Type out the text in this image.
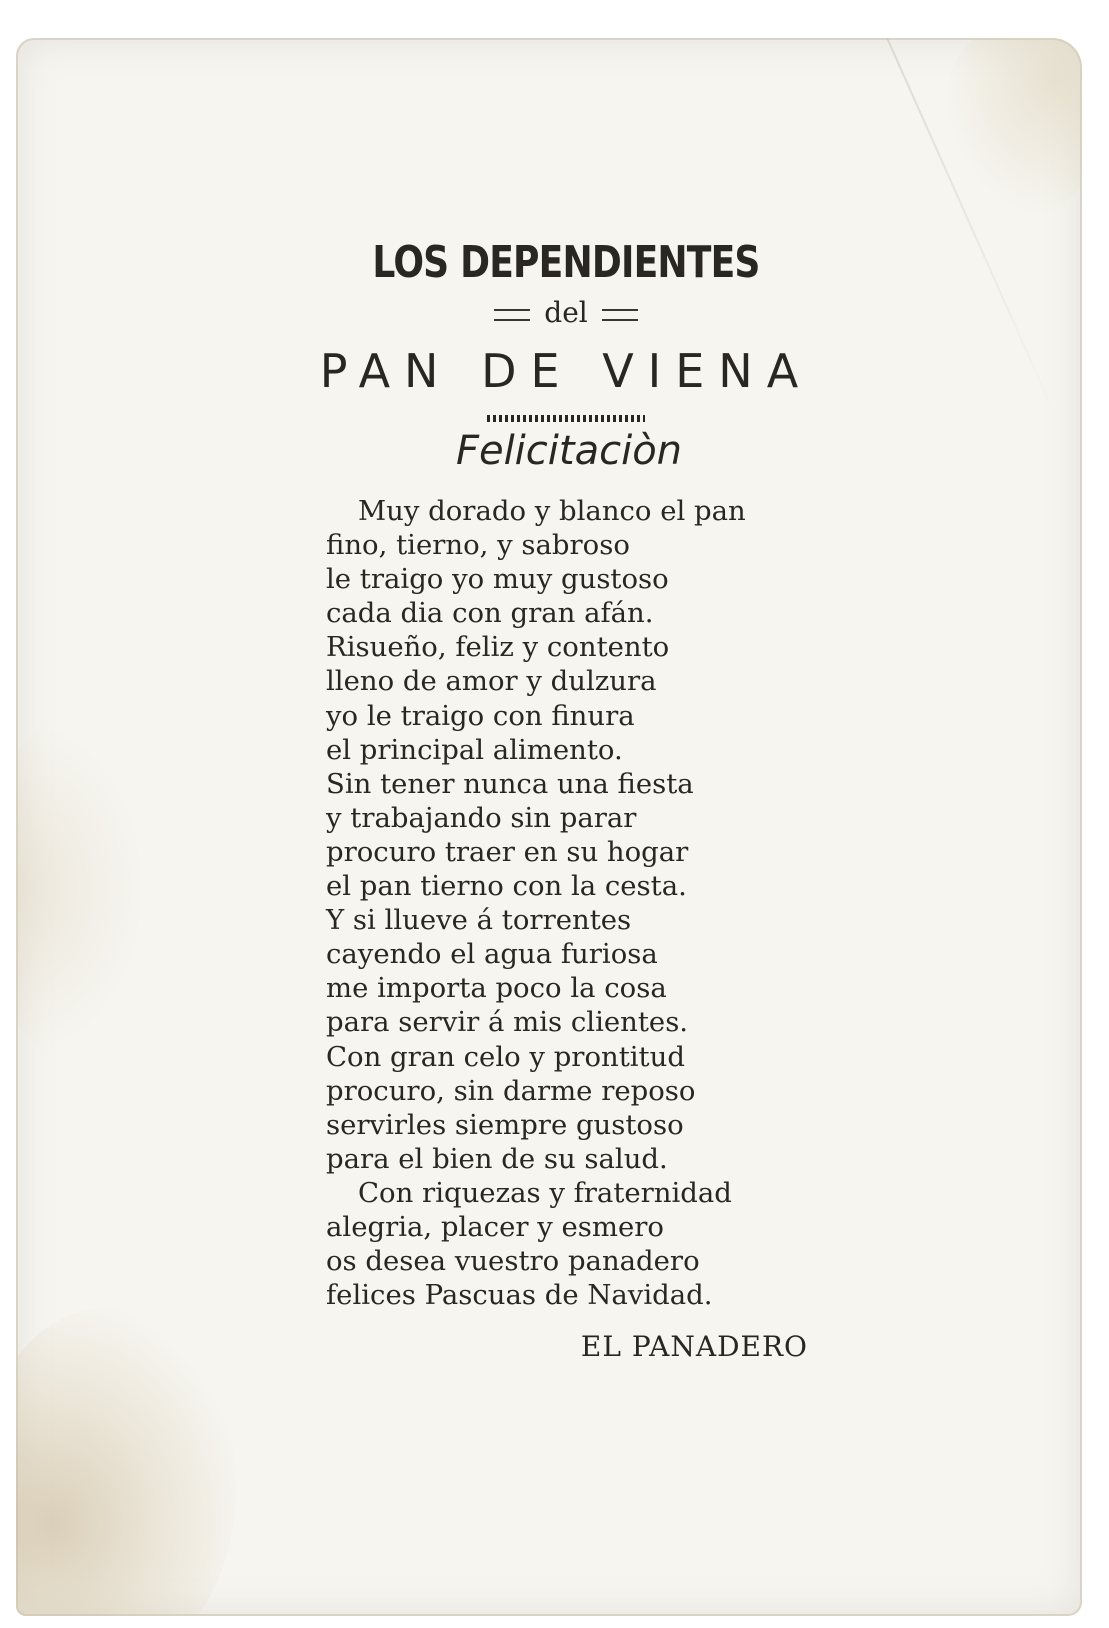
LOS DEPENDIENTES
del
PAN DE VIENA
Felicitaciòn
Muy dorado y blanco el pan
fino, tierno, y sabroso
le traigo yo muy gustoso
cada dia con gran afán.
Risueño, feliz y contento
lleno de amor y dulzura
yo le traigo con finura
el principal alimento.
Sin tener nunca una fiesta
y trabajando sin parar
procuro traer en su hogar
el pan tierno con la cesta.
Y si llueve á torrentes
cayendo el agua furiosa
me importa poco la cosa
para servir á mis clientes.
Con gran celo y prontitud
procuro, sin darme reposo
servirles siempre gustoso
para el bien de su salud.
Con riquezas y fraternidad
alegria, placer y esmero
os desea vuestro panadero
felices Pascuas de Navidad.
EL PANADERO
